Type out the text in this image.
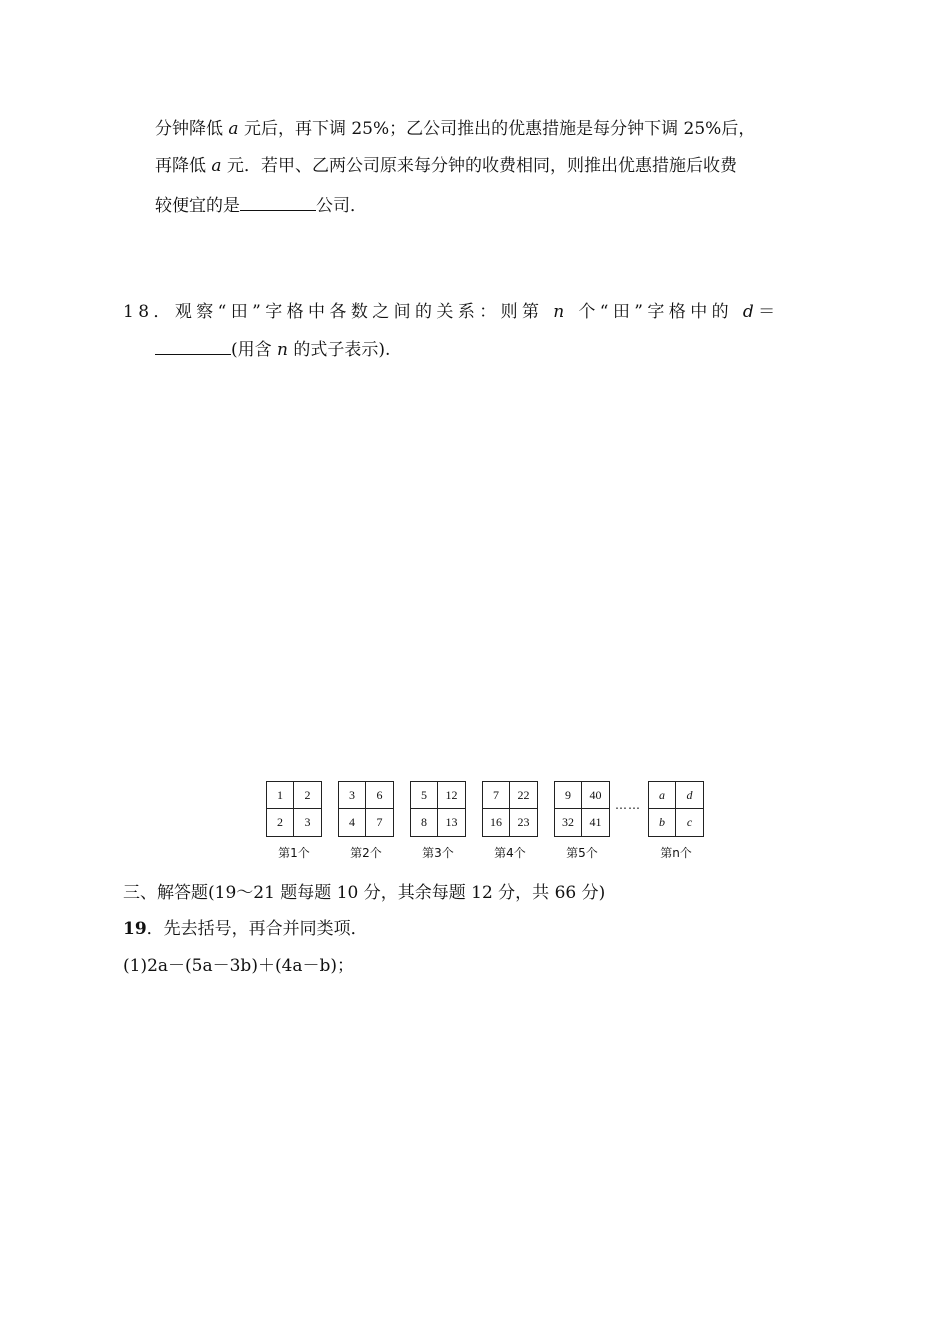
分钟降低 a 元后，再下调 25%；乙公司推出的优惠措施是每分钟下调 25%后，
再降低 a 元．若甲、乙两公司原来每分钟的收费相同，则推出优惠措施后收费
较便宜的是	公司．
18．观察“田”字格中各数之间的关系：则第 n 个“田”字格中的 d＝
(用含 n 的式子表示).
1	2
2	3
第1个
3	6
4	7
第2个
5	12
8	13
第3个
7	22
16	23
第4个
9	40
32	41
第5个
……
a	d
b	c
第n个
三、解答题(19～21 题每题 10 分，其余每题 12 分，共 66 分)
19．先去括号，再合并同类项．
(1)2a－(5a－3b)＋(4a－b)；
